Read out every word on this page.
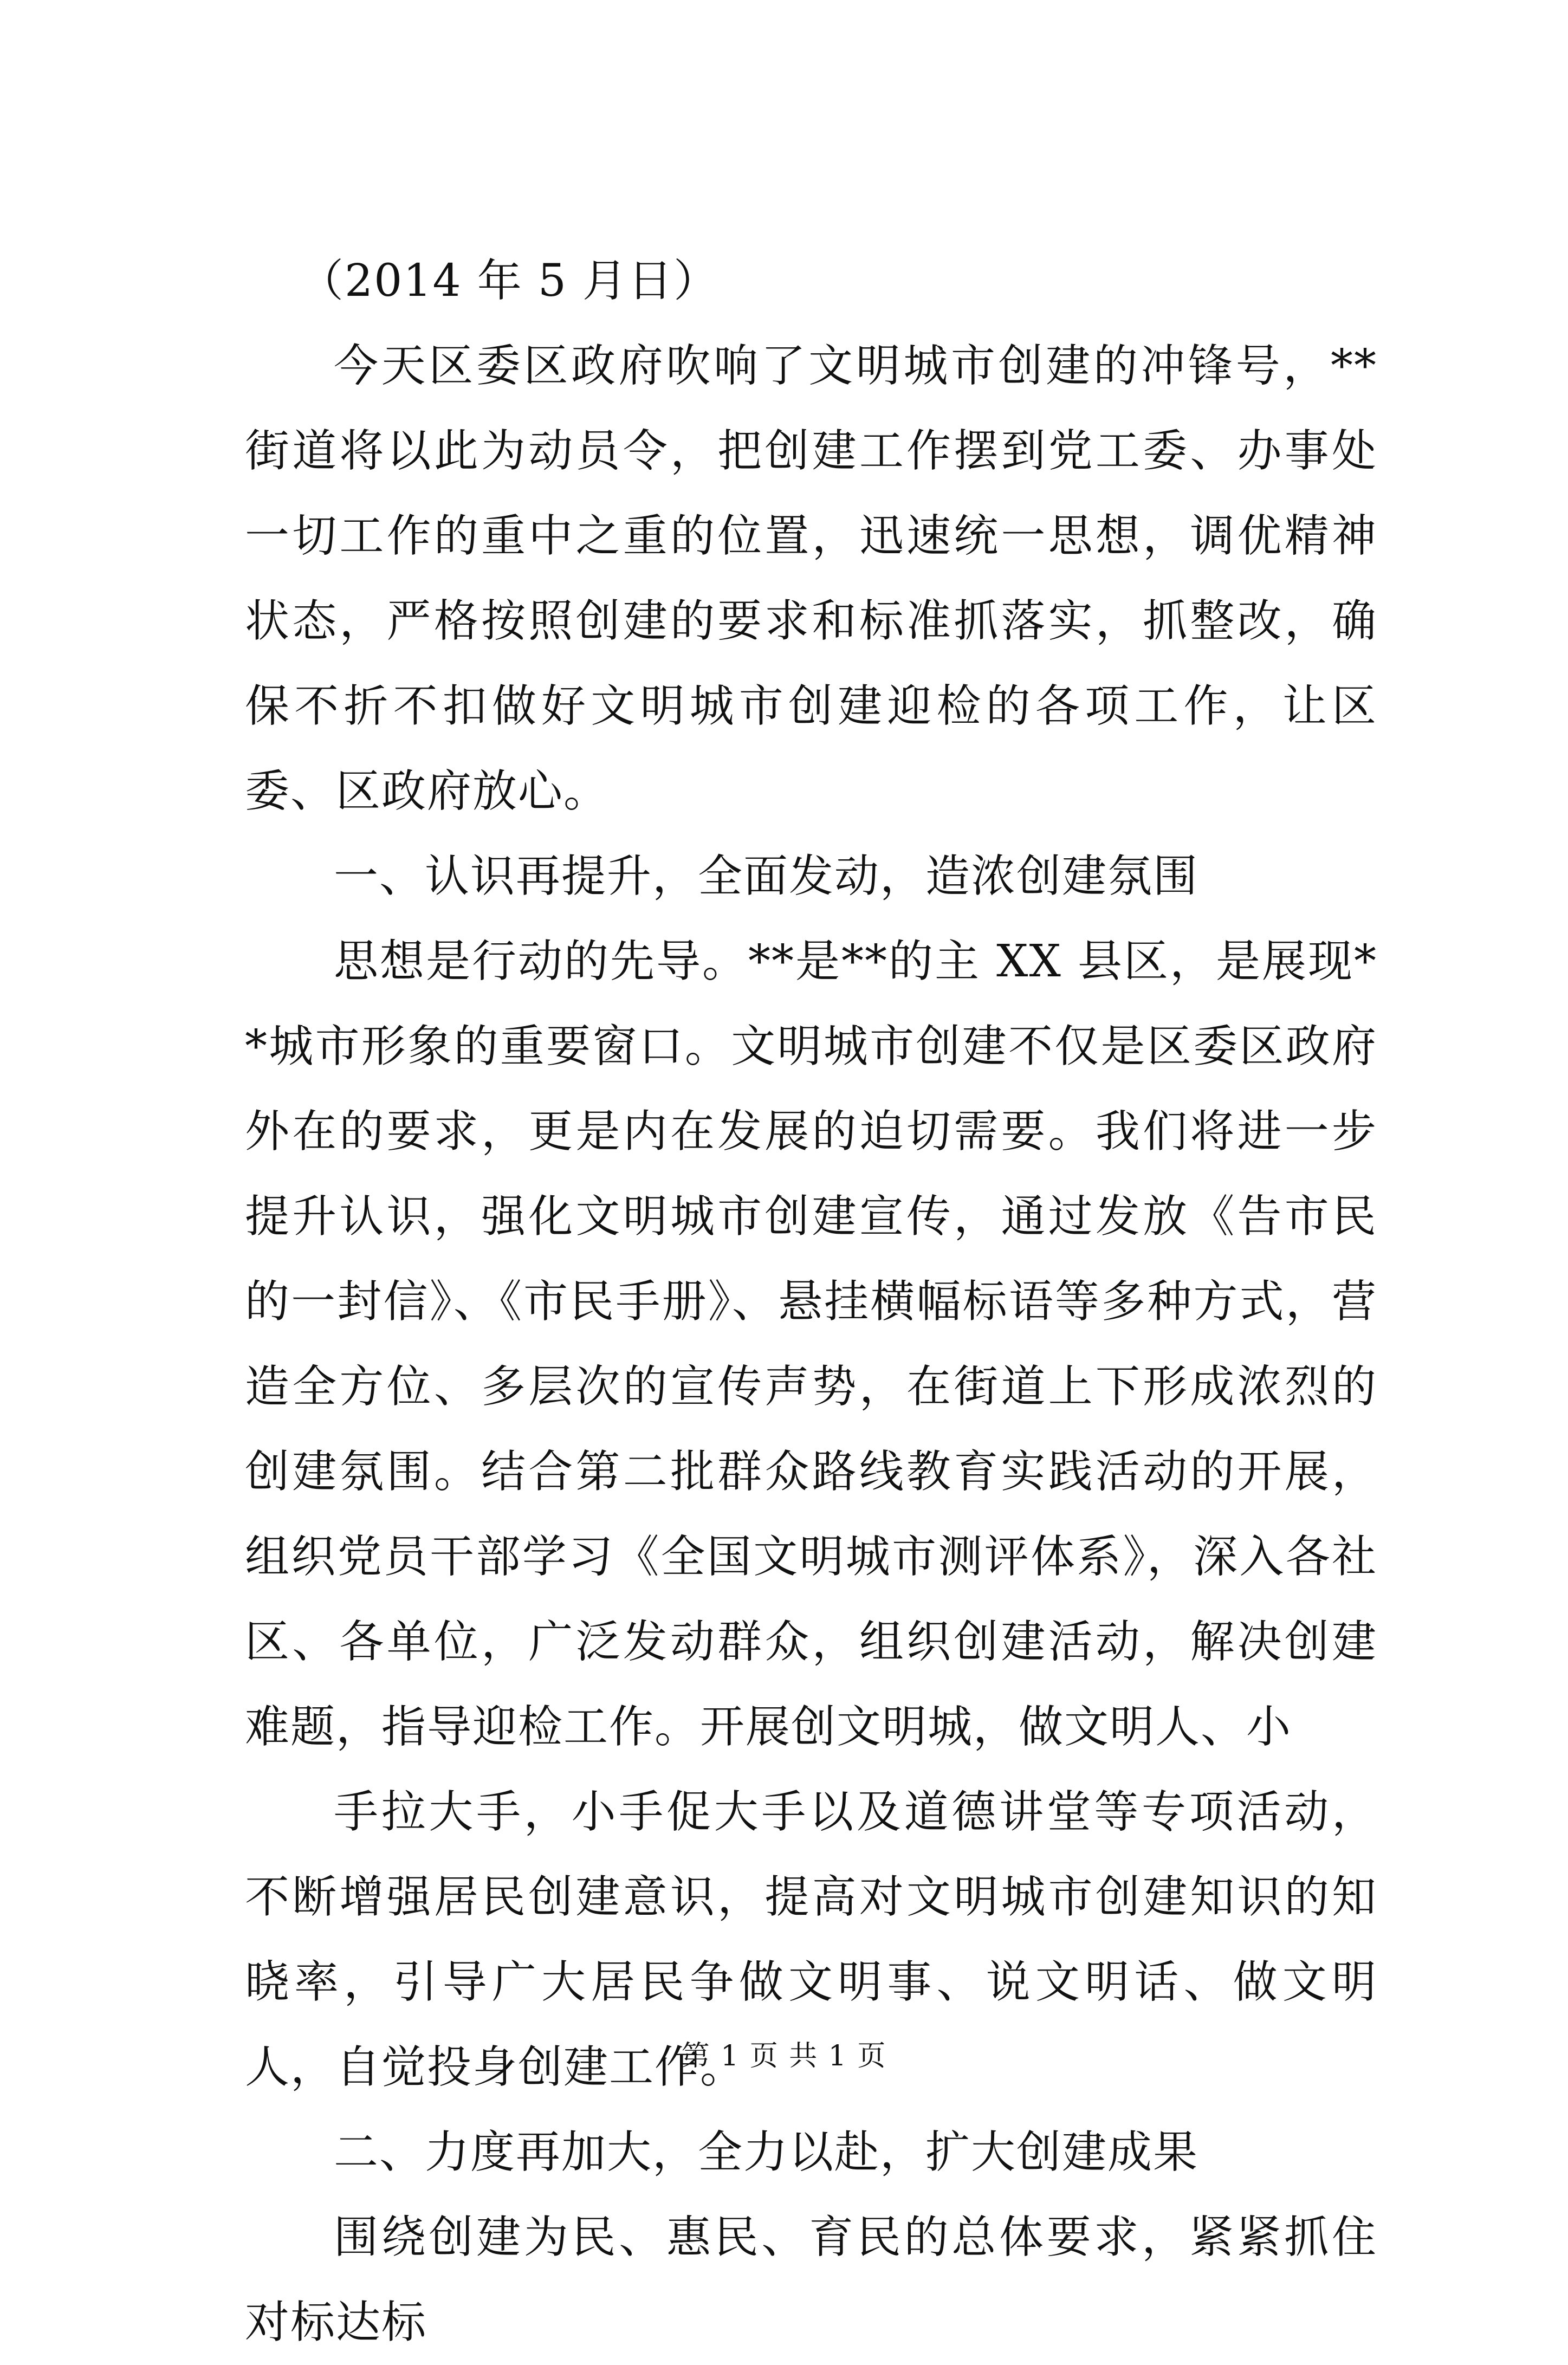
（2014 年 5 月日）

今天区委区政府吹响了文明城市创建的冲锋号，**街道将以此为动员令，把创建工作摆到党工委、办事处一切工作的重中之重的位置，迅速统一思想，调优精神状态，严格按照创建的要求和标准抓落实，抓整改，确保不折不扣做好文明城市创建迎检的各项工作，让区委、区政府放心。

一、认识再提升，全面发动，造浓创建氛围

思想是行动的先导。**是**的主 XX 县区，是展现**城市形象的重要窗口。文明城市创建不仅是区委区政府外在的要求，更是内在发展的迫切需要。我们将进一步提升认识，强化文明城市创建宣传，通过发放《告市民的一封信》、《市民手册》、悬挂横幅标语等多种方式，营造全方位、多层次的宣传声势，在街道上下形成浓烈的创建氛围。结合第二批群众路线教育实践活动的开展，组织党员干部学习《全国文明城市测评体系》，深入各社区、各单位，广泛发动群众，组织创建活动，解决创建难题，指导迎检工作。开展创文明城，做文明人、小

手拉大手，小手促大手以及道德讲堂等专项活动，不断增强居民创建意识，提高对文明城市创建知识的知晓率，引导广大居民争做文明事、说文明话、做文明人，自觉投身创建工作。

二、力度再加大，全力以赴，扩大创建成果

围绕创建为民、惠民、育民的总体要求，紧紧抓住对标达标

第 1 页 共 1 页
